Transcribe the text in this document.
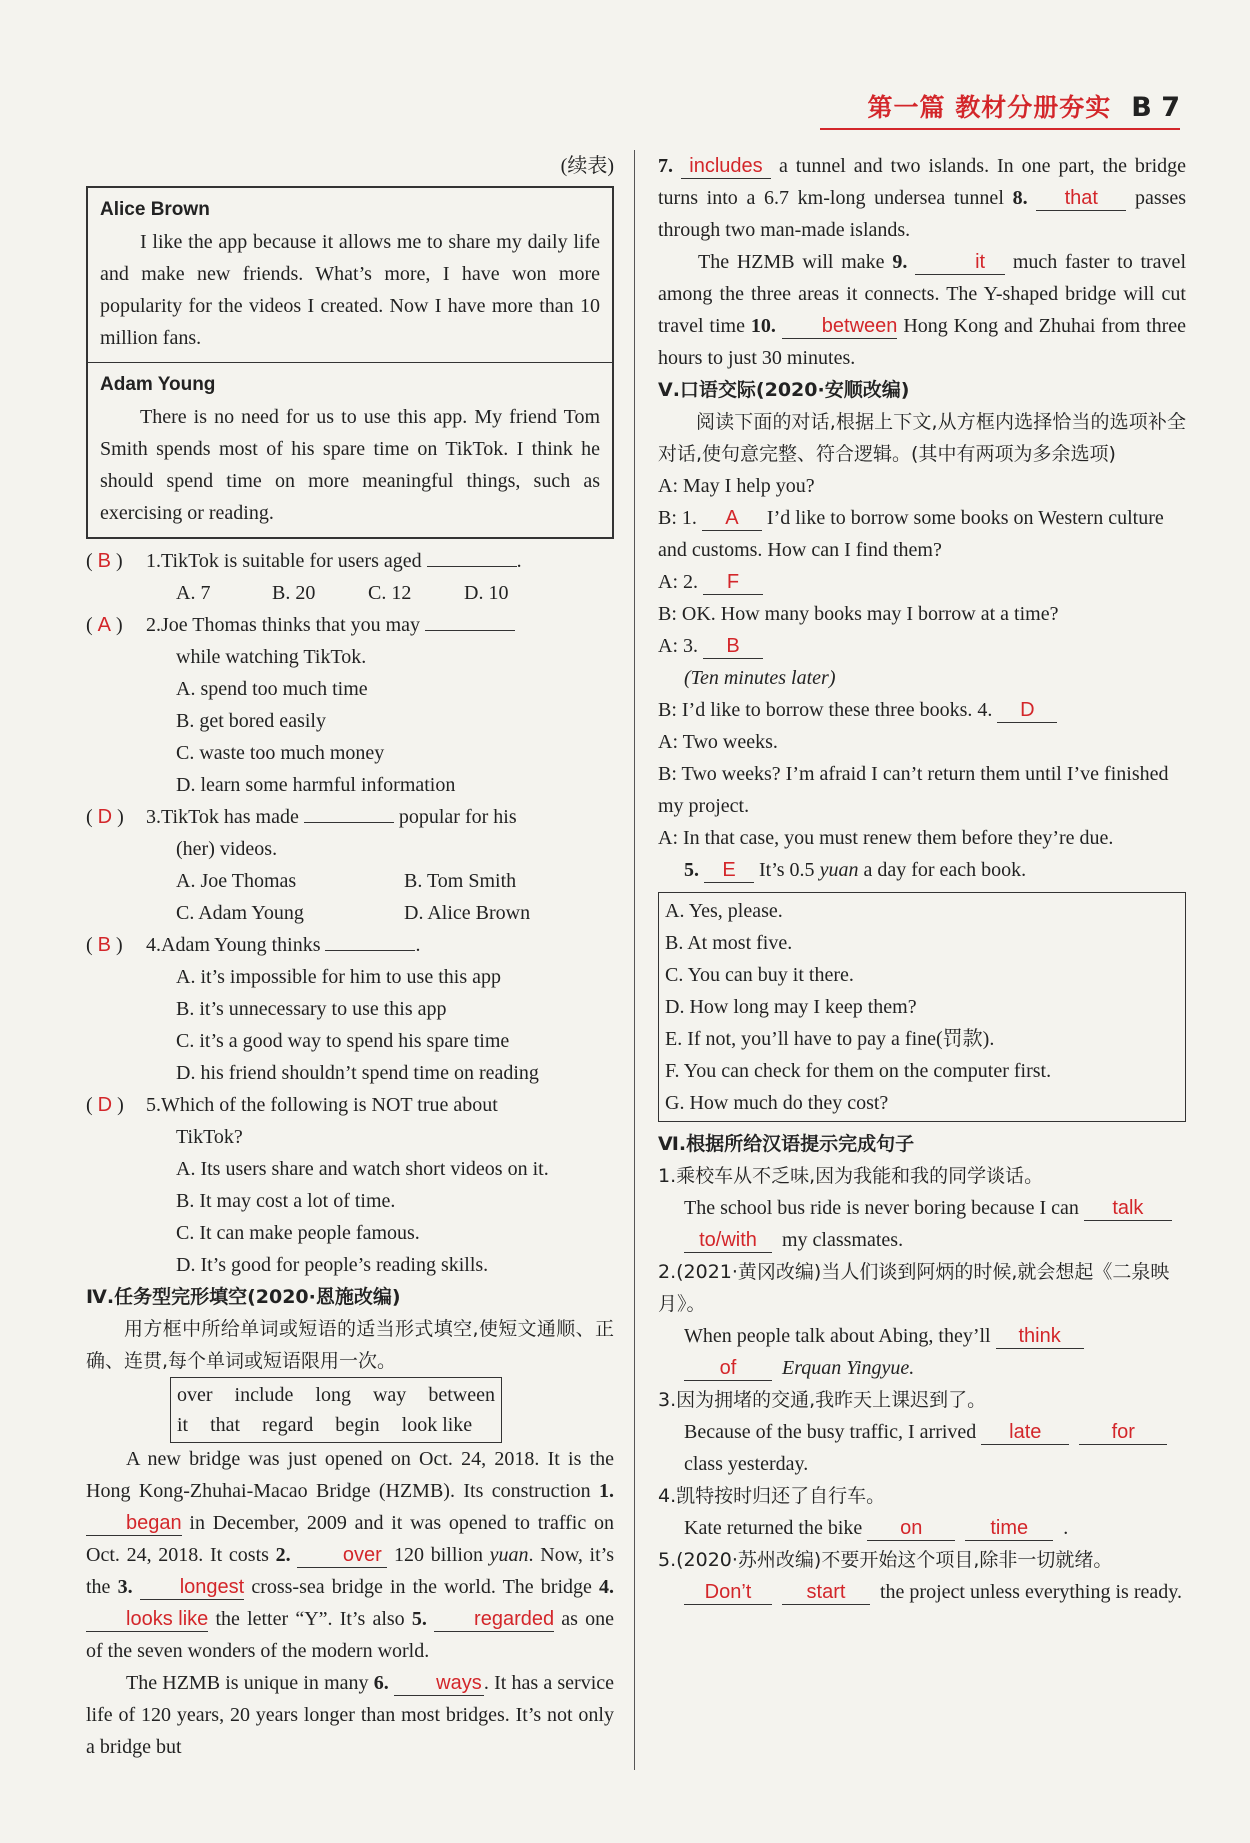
第一篇 教材分册夯实 B 7
(续表)
Alice Brown

I like the app because it allows me to share my daily life and make new friends. What’s more, I have won more popularity for the videos I created. Now I have more than 10 million fans.

Adam Young

There is no need for us to use this app. My friend Tom Smith spends most of his spare time on TikTok. I think he should spend time on more meaningful things, such as exercising or reading.

( B ) 1.TikTok is suitable for users aged	.
A. 7	B. 20	C. 12	D. 10
( A ) 2.Joe Thomas thinks that you may
while watching TikTok.
A. spend too much time
B. get bored easily
C. waste too much money
D. learn some harmful information
( D ) 3.TikTok has made	popular for his
(her) videos.
A. Joe Thomas	B. Tom Smith
C. Adam Young	D. Alice Brown
( B ) 4.Adam Young thinks	.
A. it’s impossible for him to use this app
B. it’s unnecessary to use this app
C. it’s a good way to spend his spare time
D. his friend shouldn’t spend time on reading
( D ) 5.Which of the following is NOT true about
TikTok?
A. Its users share and watch short videos on it.
B. It may cost a lot of time.
C. It can make people famous.
D. It’s good for people’s reading skills.
Ⅳ.任务型完形填空(2020·恩施改编)

用方框中所给单词或短语的适当形式填空,使短文通顺、正确、连贯,每个单词或短语限用一次。

over include long way between
it that regard begin look like

A new bridge was just opened on Oct. 24, 2018. It is the Hong Kong-Zhuhai-Macao Bridge (HZMB). Its construction 1. began in December, 2009 and it was opened to traffic on Oct. 24, 2018. It costs 2.	over 120 billion yuan. Now, it’s the 3. longest cross-sea bridge in the world. The bridge 4. looks like the letter “Y”. It’s also 5. regarded as one of the seven wonders of the modern world.

The HZMB is unique in many 6. ways . It has a service life of 120 years, 20 years longer than most bridges. It’s not only a bridge but

7. includes a tunnel and two islands. In one part, the bridge turns into a 6.7 km-long undersea tunnel 8. that passes through two man-made islands.

The HZMB will make 9.	it much faster to travel among the three areas it connects. The Y-shaped bridge will cut travel time 10. between Hong Kong and Zhuhai from three hours to just 30 minutes.

Ⅴ.口语交际(2020·安顺改编)

阅读下面的对话,根据上下文,从方框内选择恰当的选项补全对话,使句意完整、符合逻辑。(其中有两项为多余选项)

A: May I help you?
B: 1. A I’d like to borrow some books on Western culture and customs. How can I find them?
A: 2. F
B: OK. How many books may I borrow at a time?
A: 3. B
(Ten minutes later)
B: I’d like to borrow these three books. 4. D
A: Two weeks.
B: Two weeks? I’m afraid I can’t return them until I’ve finished my project.
A: In that case, you must renew them before they’re due.
5. E It’s 0.5 yuan a day for each book.
A. Yes, please.
B. At most five.
C. You can buy it there.
D. How long may I keep them?
E. If not, you’ll have to pay a fine(罚款).
F. You can check for them on the computer first.
G. How much do they cost?
Ⅵ.根据所给汉语提示完成句子
1.乘校车从不乏味,因为我能和我的同学谈话。
The school bus ride is never boring because I can talkto/with my classmates.
2.(2021·黄冈改编)当人们谈到阿炳的时候,就会想起《二泉映月》。
When people talk about Abing, they’ll thinkof Erquan Yingyue.
3.因为拥堵的交通,我昨天上课迟到了。
Because of the busy traffic, I arrived late	forclass yesterday.
4.凯特按时归还了自行车。
Kate returned the bike on	time .
5.(2020·苏州改编)不要开始这个项目,除非一切就绪。
Don’t	start the project unless everything is ready.
